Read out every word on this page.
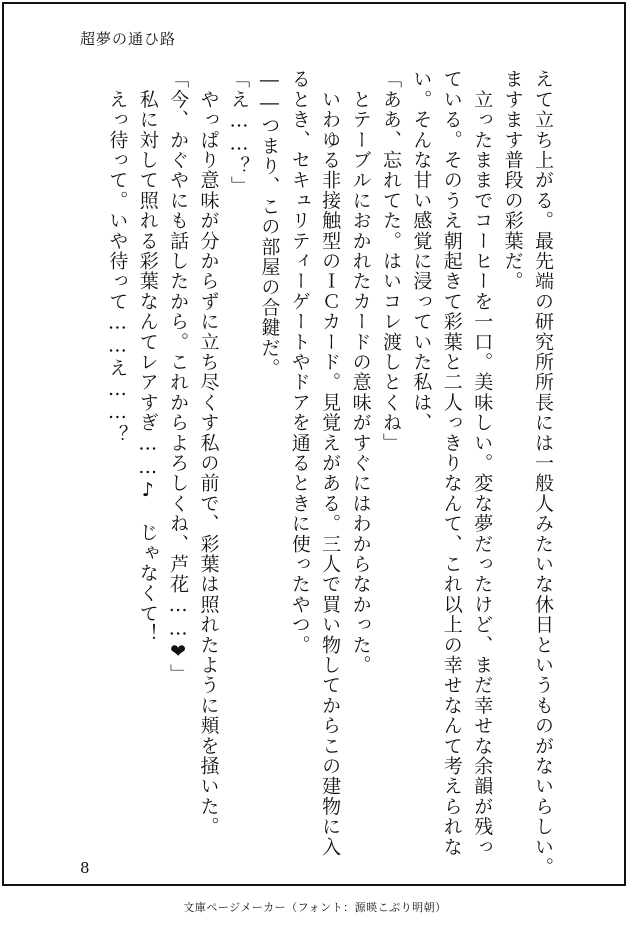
超夢の通ひ路

えて立ち上がる。最先端の研究所所長には一般人みたいな休日というものがないらしい。

ますます普段の彩葉だ。

　立ったままでコーヒーを一口。美味しい。変な夢だったけど、まだ幸せな余韻が残っ

ている。そのうえ朝起きて彩葉と二人っきりなんて、これ以上の幸せなんて考えられな

い。そんな甘い感覚に浸っていた私は、

「ああ、忘れてた。はいコレ渡しとくね」

　とテーブルにおかれたカードの意味がすぐにはわからなかった。

　いわゆる非接触型のＩＣカード。見覚えがある。三人で買い物してからこの建物に入

るとき、セキュリティーゲートやドアを通るときに使ったやつ。

――つまり、この部屋の合鍵だ。

「え……？」

　やっぱり意味が分からずに立ち尽くす私の前で、彩葉は照れたように頬を掻いた。

「今、かぐやにも話したから。これからよろしくね、芦花……❤」

　私に対して照れる彩葉なんてレアすぎ……♪　じゃなくて！

　えっ待って。いや待って……え……？

8
文庫ページメーカー（フォント：源暎こぶり明朝）
